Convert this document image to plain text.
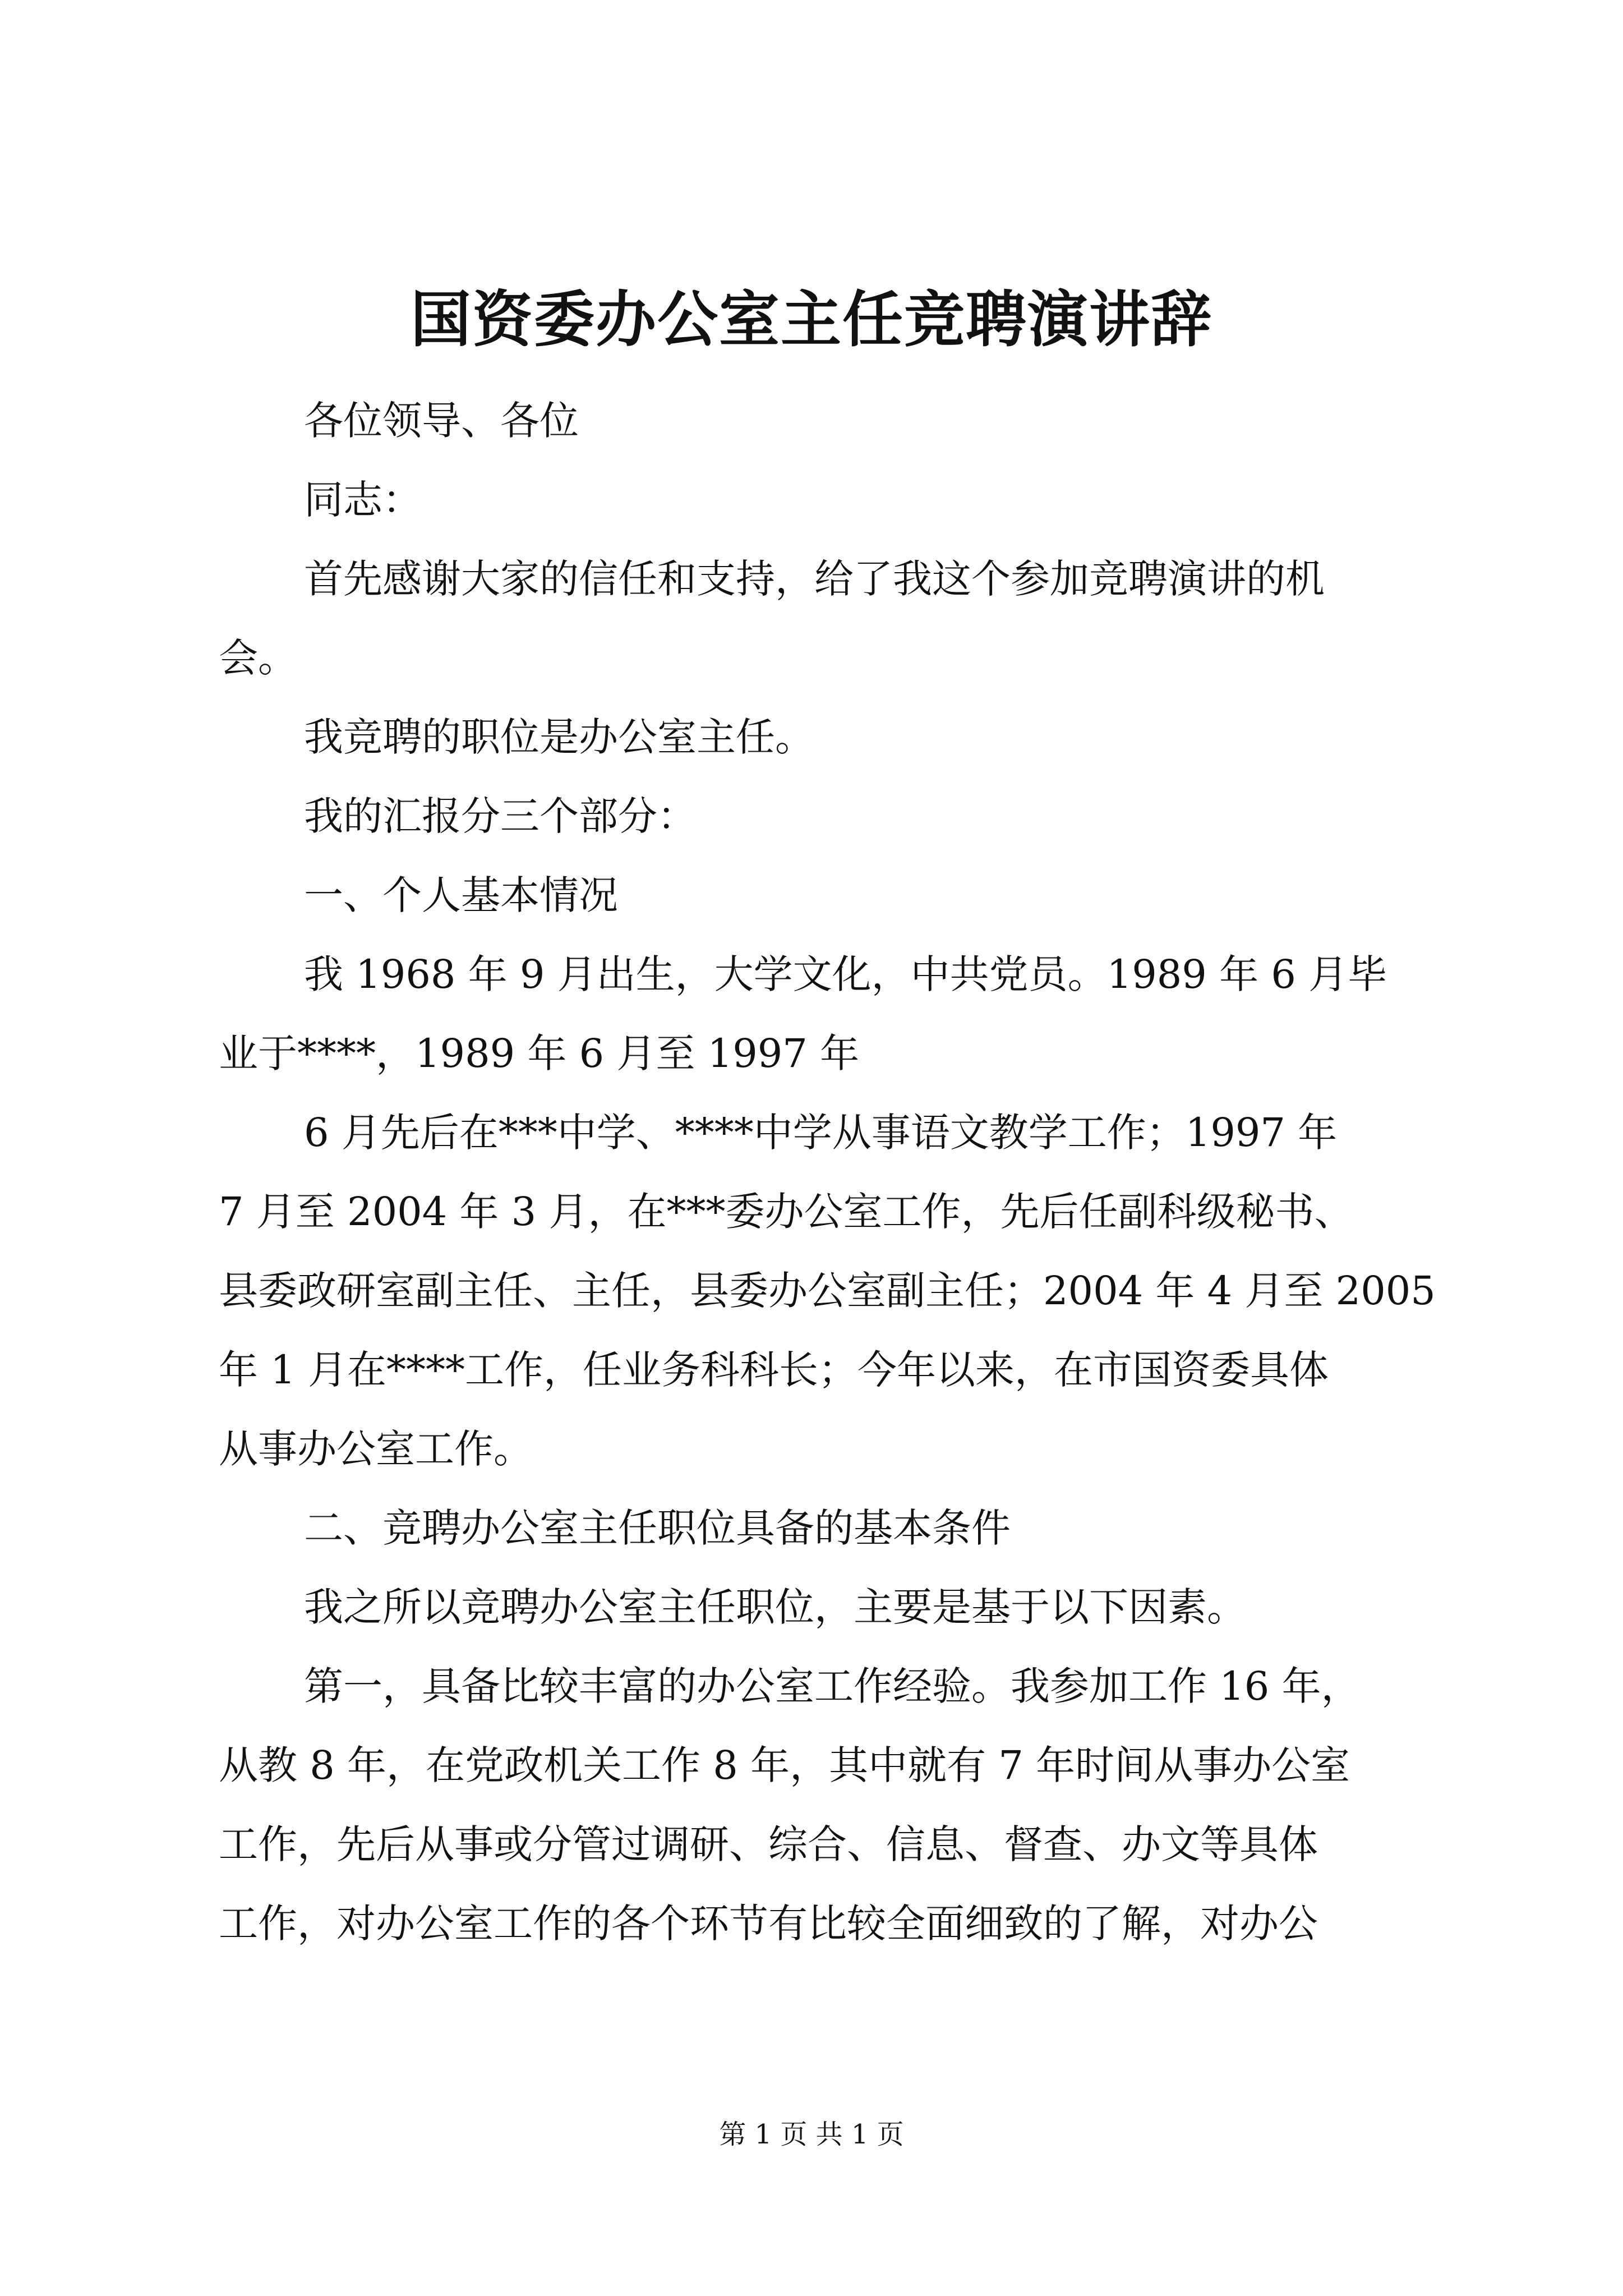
国资委办公室主任竞聘演讲辞
各位领导、各位
同志：
首先感谢大家的信任和支持，给了我这个参加竞聘演讲的机
会。
我竞聘的职位是办公室主任。
我的汇报分三个部分：
一、个人基本情况
我 1968 年 9 月出生，大学文化，中共党员。1989 年 6 月毕
业于****，1989 年 6 月至 1997 年
6 月先后在***中学、****中学从事语文教学工作；1997 年
7 月至 2004 年 3 月，在***委办公室工作，先后任副科级秘书、
县委政研室副主任、主任，县委办公室副主任；2004 年 4 月至 2005
年 1 月在****工作，任业务科科长；今年以来，在市国资委具体
从事办公室工作。
二、竞聘办公室主任职位具备的基本条件
我之所以竞聘办公室主任职位，主要是基于以下因素。
第一，具备比较丰富的办公室工作经验。我参加工作 16 年，
从教 8 年，在党政机关工作 8 年，其中就有 7 年时间从事办公室
工作，先后从事或分管过调研、综合、信息、督查、办文等具体
工作，对办公室工作的各个环节有比较全面细致的了解，对办公
第 1 页 共 1 页
